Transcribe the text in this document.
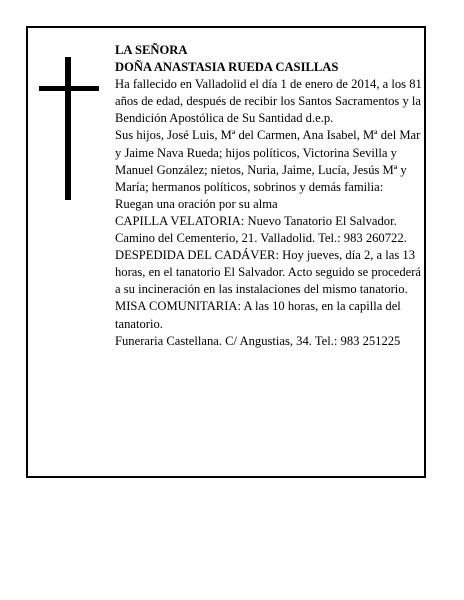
LA SEÑORA

DOÑA ANASTASIA RUEDA CASILLAS

Ha fallecido en Valladolid el día 1 de enero de 2014, a los 81 años de edad, después de recibir los Santos Sacramentos y la Bendición Apostólica de Su Santidad d.e.p.

Sus hijos, José Luis, Mª del Carmen, Ana Isabel, Mª del Mar y Jaime Nava Rueda; hijos políticos, Victorina Sevilla y Manuel González; nietos, Nuria, Jaime, Lucía, Jesús Mª y María; hermanos políticos, sobrinos y demás familia:

Ruegan una oración por su alma

CAPILLA VELATORIA: Nuevo Tanatorio El Salvador. Camino del Cementerio, 21. Valladolid. Tel.: 983 260722.

DESPEDIDA DEL CADÁVER: Hoy jueves, día 2, a las 13 horas, en el tanatorio El Salvador. Acto seguido se procederá a su incineración en las instalaciones del mismo tanatorio.

MISA COMUNITARIA: A las 10 horas, en la capilla del tanatorio.

Funeraria Castellana. C/ Angustias, 34. Tel.: 983 251225
